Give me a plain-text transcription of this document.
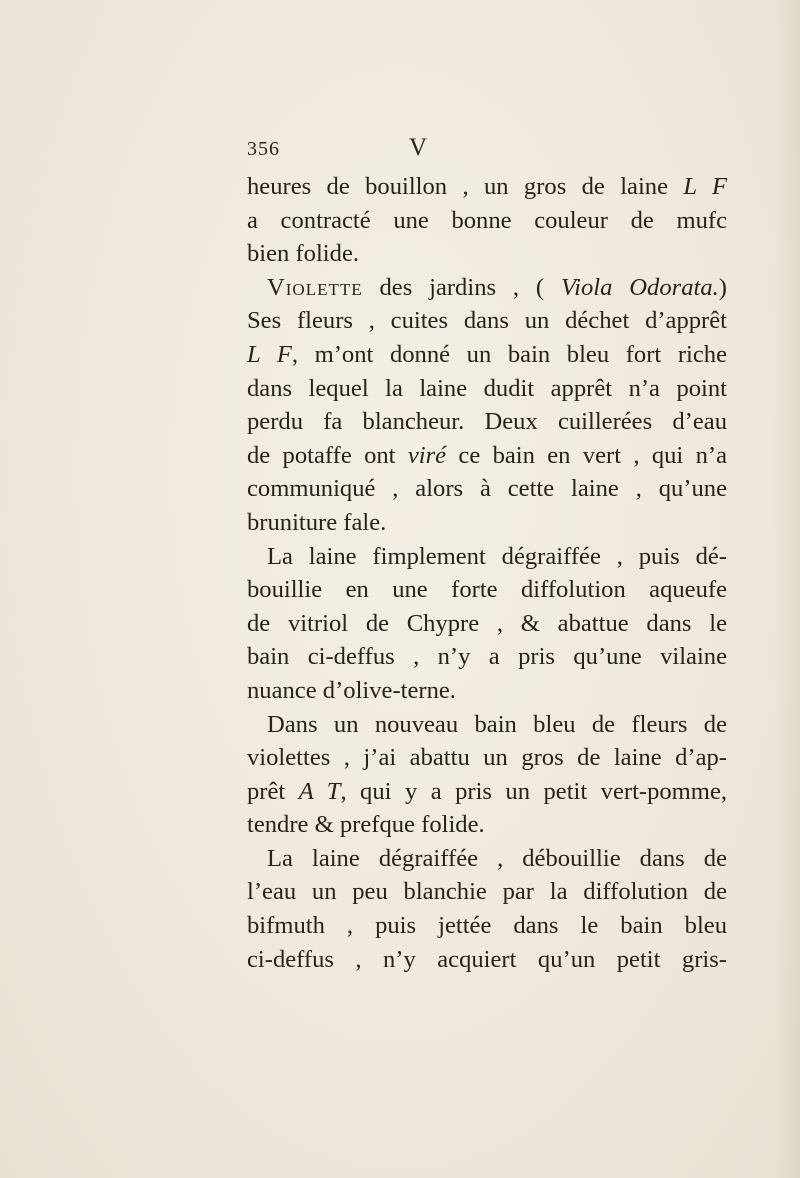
356	V
heures de bouillon , un gros de laine L F
a contracté une bonne couleur de mufc
bien folide.
Violette des jardins , ( Viola Odorata.)
Ses fleurs , cuites dans un déchet d’apprêt
L F, m’ont donné un bain bleu fort riche
dans lequel la laine dudit apprêt n’a point
perdu fa blancheur. Deux cuillerées d’eau
de potaffe ont viré ce bain en vert , qui n’a
communiqué , alors à cette laine , qu’une
bruniture fale.
La laine fimplement dégraiffée , puis dé-
bouillie en une forte diffolution aqueufe
de vitriol de Chypre , & abattue dans le
bain ci-deffus , n’y a pris qu’une vilaine
nuance d’olive-terne.
Dans un nouveau bain bleu de fleurs de
violettes , j’ai abattu un gros de laine d’ap-
prêt A T, qui y a pris un petit vert-pomme,
tendre & prefque folide.
La laine dégraiffée , débouillie dans de
l’eau un peu blanchie par la diffolution de
bifmuth , puis jettée dans le bain bleu
ci-deffus , n’y acquiert qu’un petit gris-
